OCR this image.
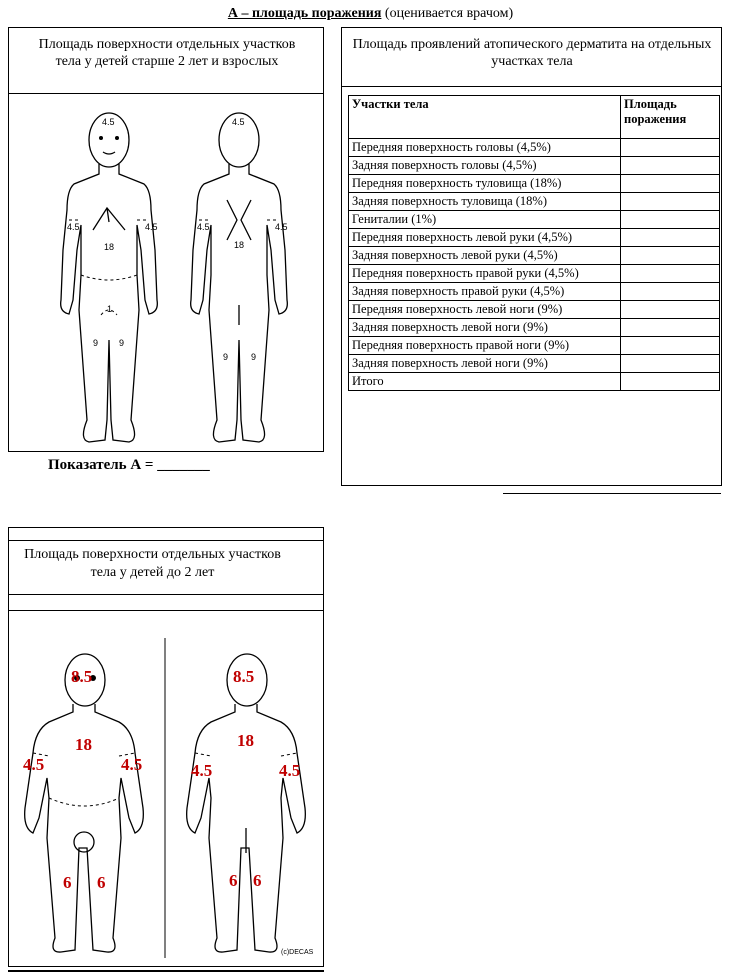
А – площадь поражения (оценивается врачом)
Площадь поверхности отдельных участков тела у детей старше 2 лет и взрослых
4.5
18
4.5	4.5
1
9 9
4.5
18
4.5	4.5
9	9
Показатель А = _______
Площадь проявлений атопического дерматита на отдельных участках тела
Участки тела	Площадь поражения
Передняя поверхность головы (4,5%)	
Задняя поверхность головы (4,5%)	
Передняя поверхность туловища (18%)	
Задняя поверхность туловища (18%)	
Гениталии (1%)	
Передняя поверхность левой руки (4,5%)	
Задняя поверхность левой руки (4,5%)	
Передняя поверхность правой руки (4,5%)	
Задняя поверхность правой руки (4,5%)	
Передняя поверхность левой ноги (9%)	
Задняя поверхность левой ноги (9%)	
Передняя поверхность правой ноги (9%)	
Задняя поверхность левой ноги (9%)	
Итого	
Площадь поверхности отдельных участков тела у детей до 2 лет
8.5
18
4.5	4.5
6 6
8.5
18
4.5	4.5
6 6
(c)DECAS
